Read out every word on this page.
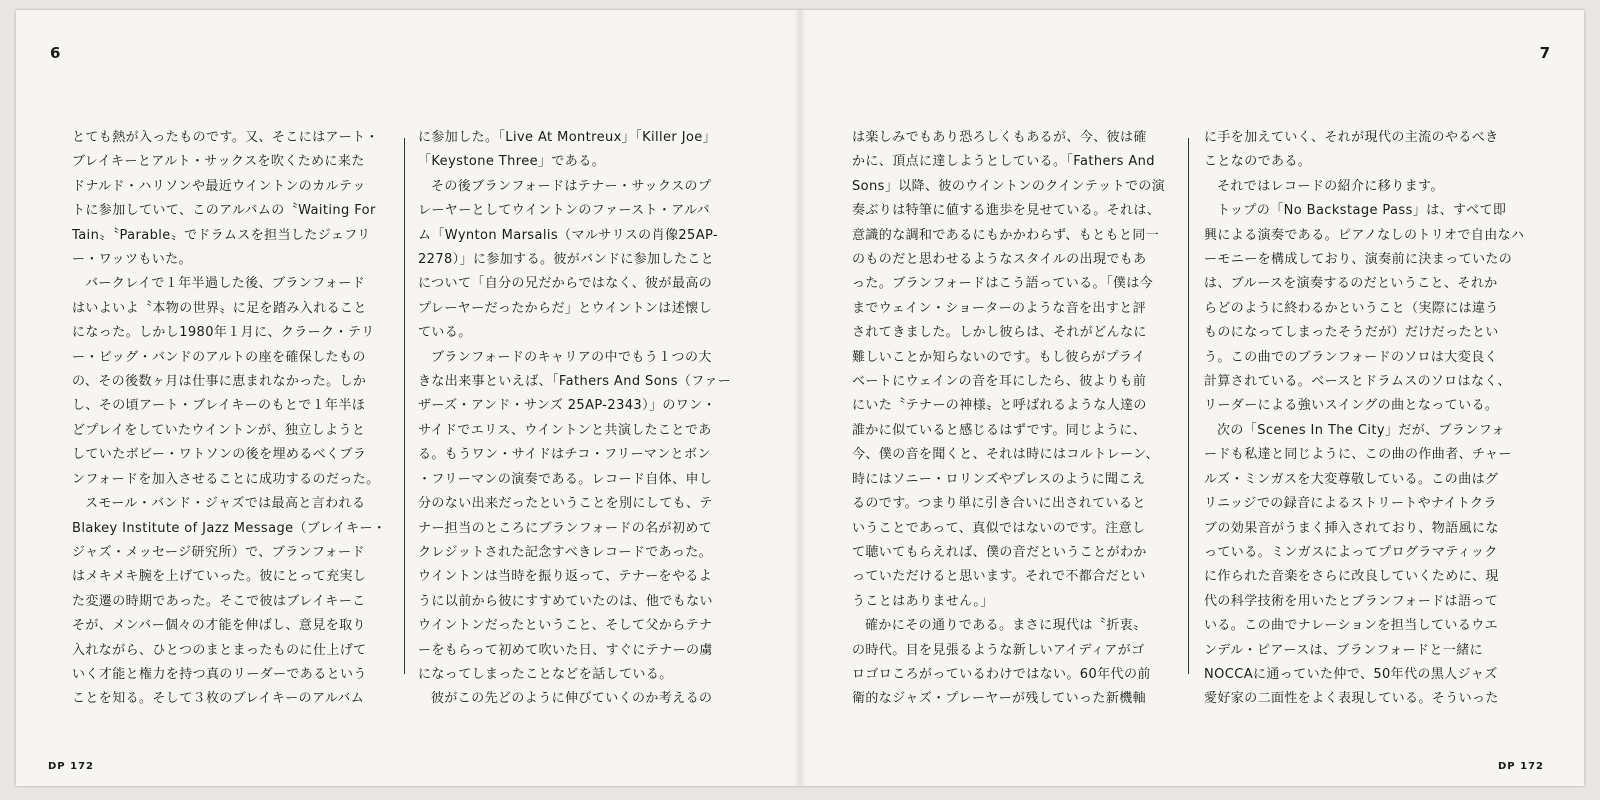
6
とても熱が入ったものです。又、そこにはアート・
ブレイキーとアルト・サックスを吹くために来た
ドナルド・ハリソンや最近ウイントンのカルテッ
トに参加していて、このアルバムの〝Waiting For
Tain〟〝Parable〟でドラムスを担当したジェフリ
ー・ワッツもいた。
バークレイで１年半過した後、ブランフォード
はいよいよ〝本物の世界〟に足を踏み入れること
になった。しかし1980年１月に、クラーク・テリ
ー・ビッグ・バンドのアルトの座を確保したもの
の、その後数ヶ月は仕事に恵まれなかった。しか
し、その頃アート・ブレイキーのもとで１年半ほ
どプレイをしていたウイントンが、独立しようと
していたボビー・ワトソンの後を埋めるべくブラ
ンフォードを加入させることに成功するのだった。
スモール・バンド・ジャズでは最高と言われる
Blakey Institute of Jazz Message（ブレイキー・
ジャズ・メッセージ研究所）で、ブランフォード
はメキメキ腕を上げていった。彼にとって充実し
た変遷の時期であった。そこで彼はブレイキーこ
そが、メンバー個々の才能を伸ばし、意見を取り
入れながら、ひとつのまとまったものに仕上げて
いく才能と権力を持つ真のリーダーであるという
ことを知る。そして３枚のブレイキーのアルバム
に参加した。「Live At Montreux」「Killer Joe」
「Keystone Three」である。
その後ブランフォードはテナー・サックスのプ
レーヤーとしてウイントンのファースト・アルバ
ム「Wynton Marsalis（マルサリスの肖像25AP-
2278）」に参加する。彼がバンドに参加したこと
について「自分の兄だからではなく、彼が最高の
プレーヤーだったからだ」とウイントンは述懐し
ている。
ブランフォードのキャリアの中でもう１つの大
きな出来事といえば、「Fathers And Sons（ファー
ザーズ・アンド・サンズ 25AP-2343）」のワン・
サイドでエリス、ウイントンと共演したことであ
る。もうワン・サイドはチコ・フリーマンとボン
・フリーマンの演奏である。レコード自体、申し
分のない出来だったということを別にしても、テ
ナー担当のところにブランフォードの名が初めて
クレジットされた記念すべきレコードであった。
ウイントンは当時を振り返って、テナーをやるよ
うに以前から彼にすすめていたのは、他でもない
ウイントンだったということ、そして父からテナ
ーをもらって初めて吹いた日、すぐにテナーの虜
になってしまったことなどを話している。
彼がこの先どのように伸びていくのか考えるの
DP 172
7
は楽しみでもあり恐ろしくもあるが、今、彼は確
かに、頂点に達しようとしている。「Fathers And
Sons」以降、彼のウイントンのクインテットでの演
奏ぶりは特筆に値する進歩を見せている。それは、
意識的な調和であるにもかかわらず、もともと同一
のものだと思わせるようなスタイルの出現でもあ
った。ブランフォードはこう語っている。「僕は今
までウェイン・ショーターのような音を出すと評
されてきました。しかし彼らは、それがどんなに
難しいことか知らないのです。もし彼らがプライ
ベートにウェインの音を耳にしたら、彼よりも前
にいた〝テナーの神様〟と呼ばれるような人達の
誰かに似ていると感じるはずです。同じように、
今、僕の音を聞くと、それは時にはコルトレーン、
時にはソニー・ロリンズやプレスのように聞こえ
るのです。つまり単に引き合いに出されていると
いうことであって、真似ではないのです。注意し
て聴いてもらえれば、僕の音だということがわか
っていただけると思います。それで不都合だとい
うことはありません。」
確かにその通りである。まさに現代は〝折衷〟
の時代。目を見張るような新しいアイディアがゴ
ロゴロころがっているわけではない。60年代の前
衛的なジャズ・プレーヤーが残していった新機軸
に手を加えていく、それが現代の主流のやるべき
ことなのである。
それではレコードの紹介に移ります。
トップの「No Backstage Pass」は、すべて即
興による演奏である。ピアノなしのトリオで自由なハ
ーモニーを構成しており、演奏前に決まっていたの
は、ブルースを演奏するのだということ、それか
らどのように終わるかということ（実際には違う
ものになってしまったそうだが）だけだったとい
う。この曲でのブランフォードのソロは大変良く
計算されている。ベースとドラムスのソロはなく、
リーダーによる強いスイングの曲となっている。
次の「Scenes In The City」だが、ブランフォ
ードも私達と同じように、この曲の作曲者、チャー
ルズ・ミンガスを大変尊敬している。この曲はグ
リニッジでの録音によるストリートやナイトクラ
ブの効果音がうまく挿入されており、物語風にな
っている。ミンガスによってプログラマティック
に作られた音楽をさらに改良していくために、現
代の科学技術を用いたとブランフォードは語って
いる。この曲でナレーションを担当しているウエ
ンデル・ピアースは、ブランフォードと一緒に
NOCCAに通っていた仲で、50年代の黒人ジャズ
愛好家の二面性をよく表現している。そういった
DP 172
